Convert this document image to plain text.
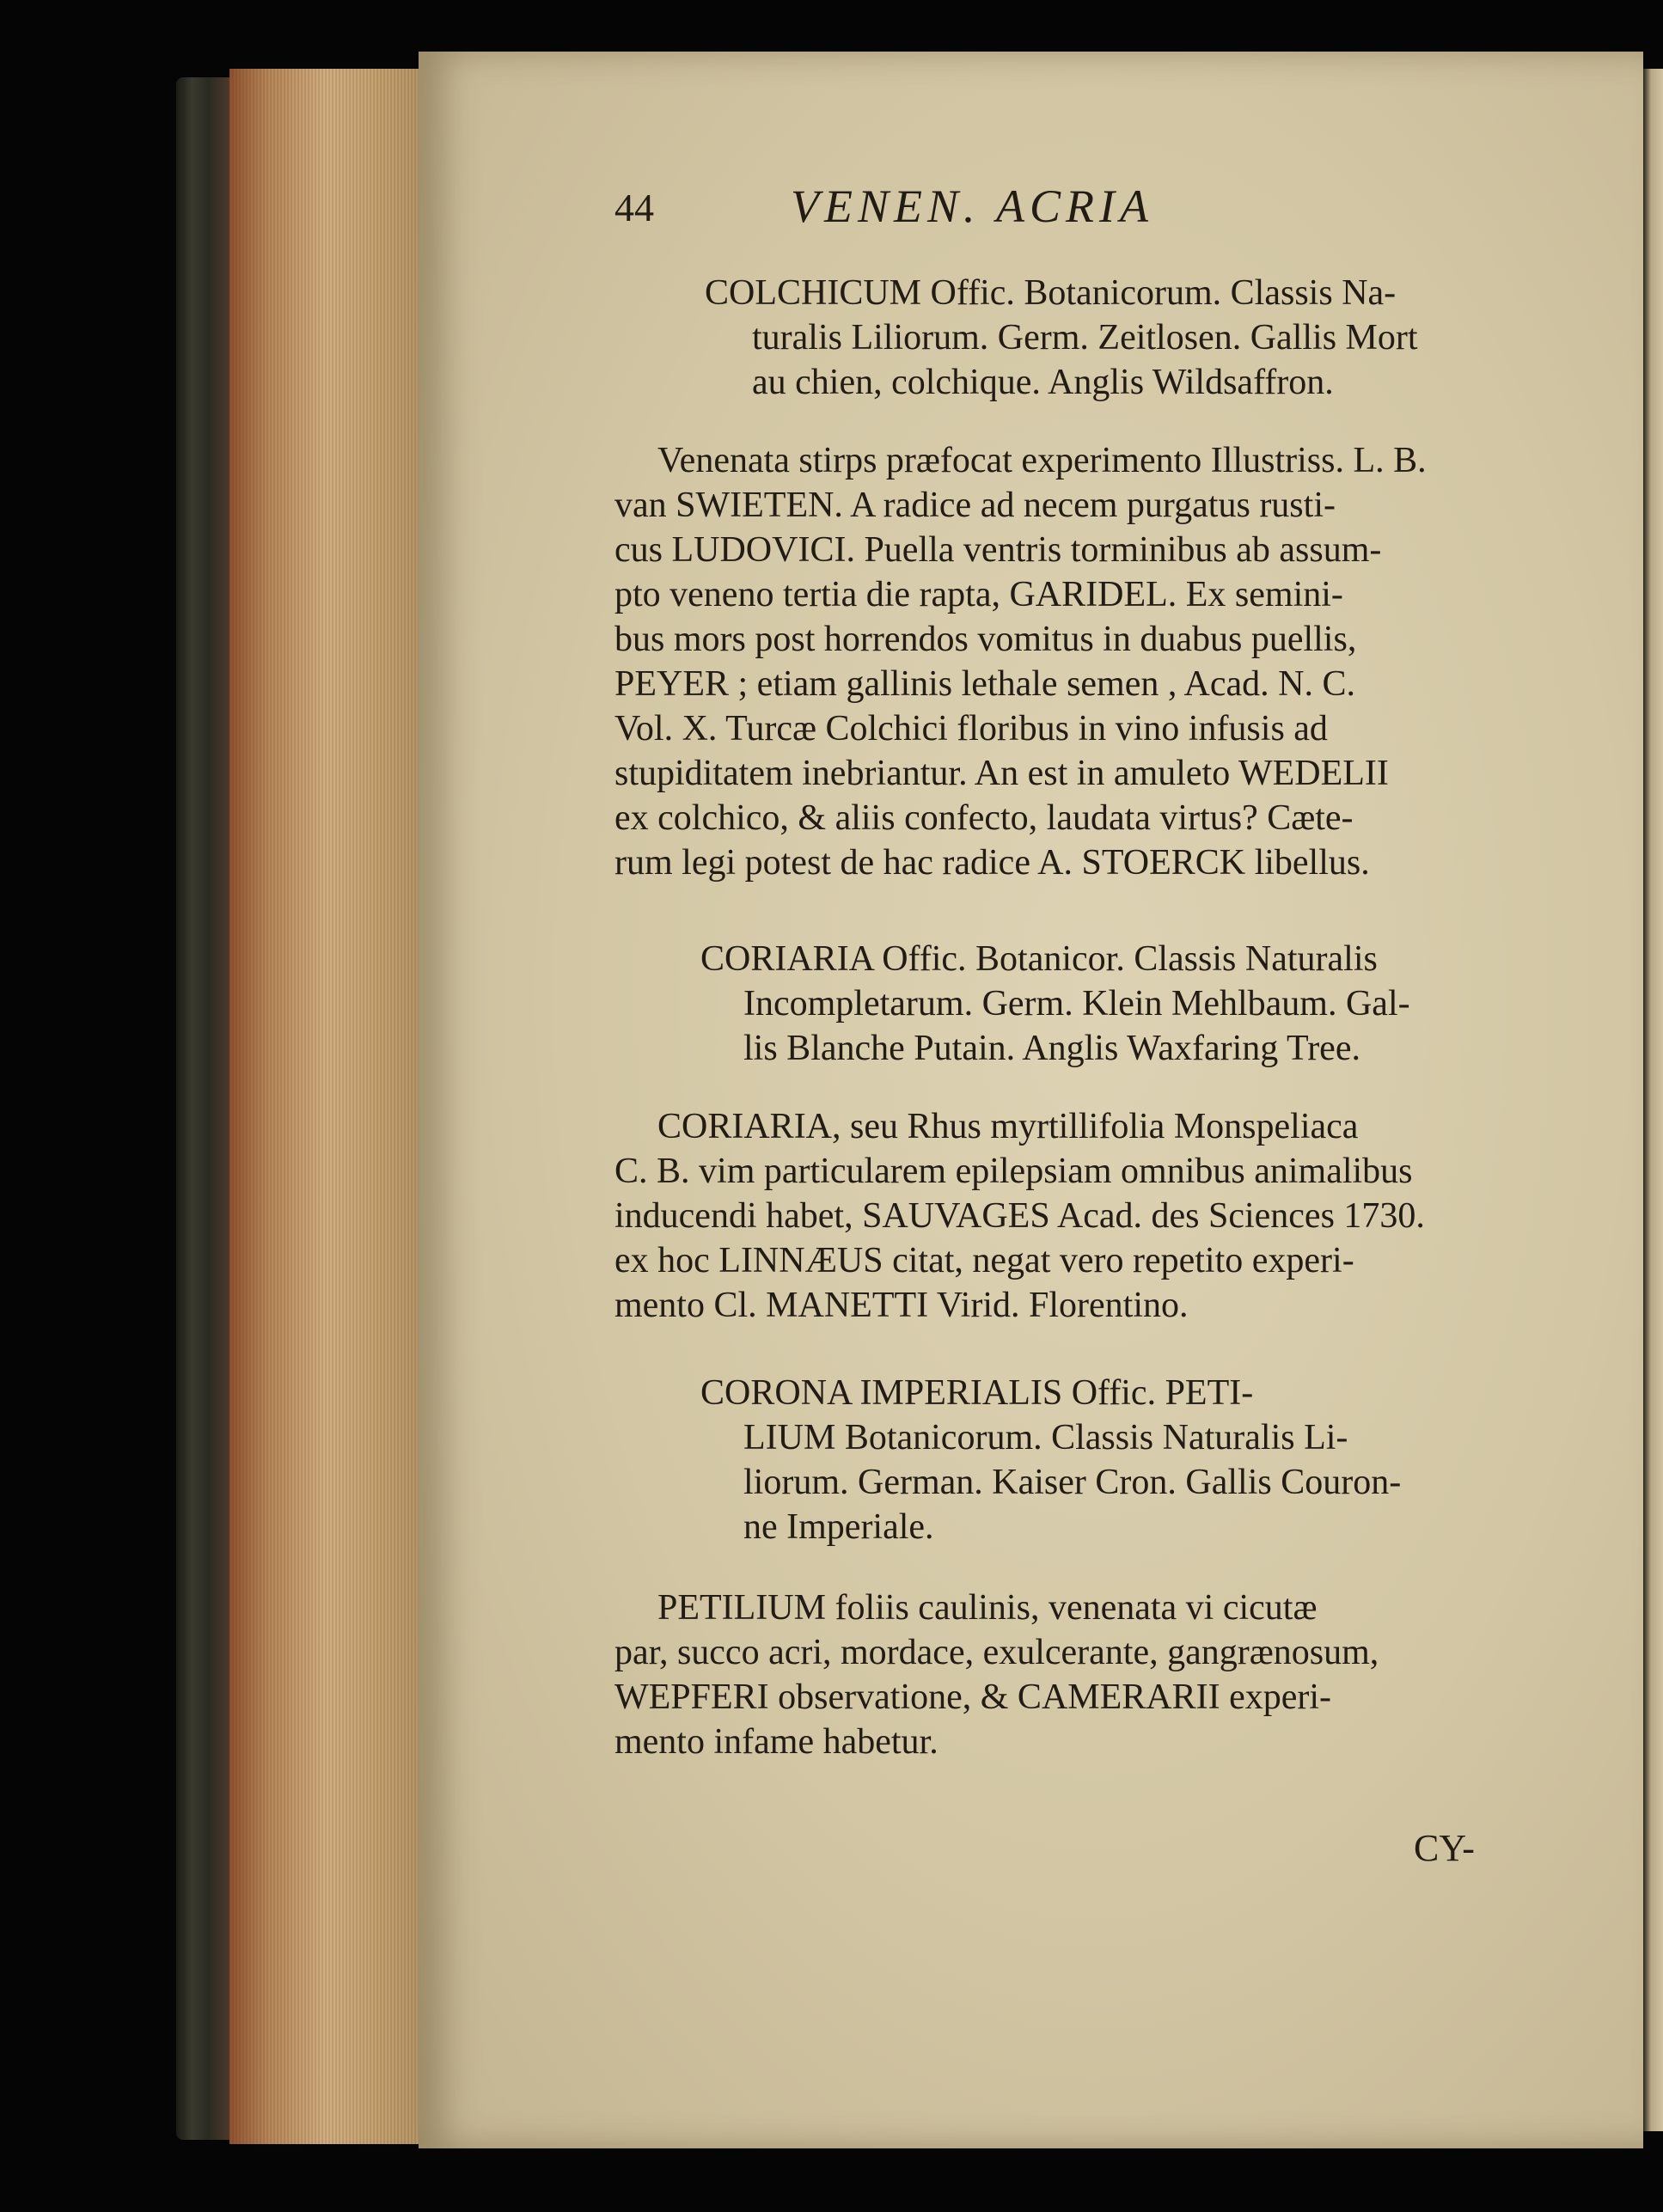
44	VENEN. ACRIA

COLCHICUM Offic. Botanicorum. Classis Na-

turalis Liliorum. Germ. Zeitlosen. Gallis Mort

au chien, colchique. Anglis Wildsaffron.

Venenata stirps præfocat experimento Illustriss. L. B.

van SWIETEN. A radice ad necem purgatus rusti-

cus LUDOVICI. Puella ventris torminibus ab assum-

pto veneno tertia die rapta, GARIDEL. Ex semini-

bus mors post horrendos vomitus in duabus puellis,

PEYER ; etiam gallinis lethale semen , Acad. N. C.

Vol. X. Turcæ Colchici floribus in vino infusis ad

stupiditatem inebriantur. An est in amuleto WEDELII

ex colchico, & aliis confecto, laudata virtus? Cæte-

rum legi potest de hac radice A. STOERCK libellus.

CORIARIA Offic. Botanicor. Classis Naturalis

Incompletarum. Germ. Klein Mehlbaum. Gal-

lis Blanche Putain. Anglis Waxfaring Tree.

CORIARIA, seu Rhus myrtillifolia Monspeliaca

C. B. vim particularem epilepsiam omnibus animalibus

inducendi habet, SAUVAGES Acad. des Sciences 1730.

ex hoc LINNÆUS citat, negat vero repetito experi-

mento Cl. MANETTI Virid. Florentino.

CORONA IMPERIALIS Offic. PETI-

LIUM Botanicorum. Classis Naturalis Li-

liorum. German. Kaiser Cron. Gallis Couron-

ne Imperiale.

PETILIUM foliis caulinis, venenata vi cicutæ

par, succo acri, mordace, exulcerante, gangrænosum,

WEPFERI observatione, & CAMERARII experi-

mento infame habetur.

CY-
